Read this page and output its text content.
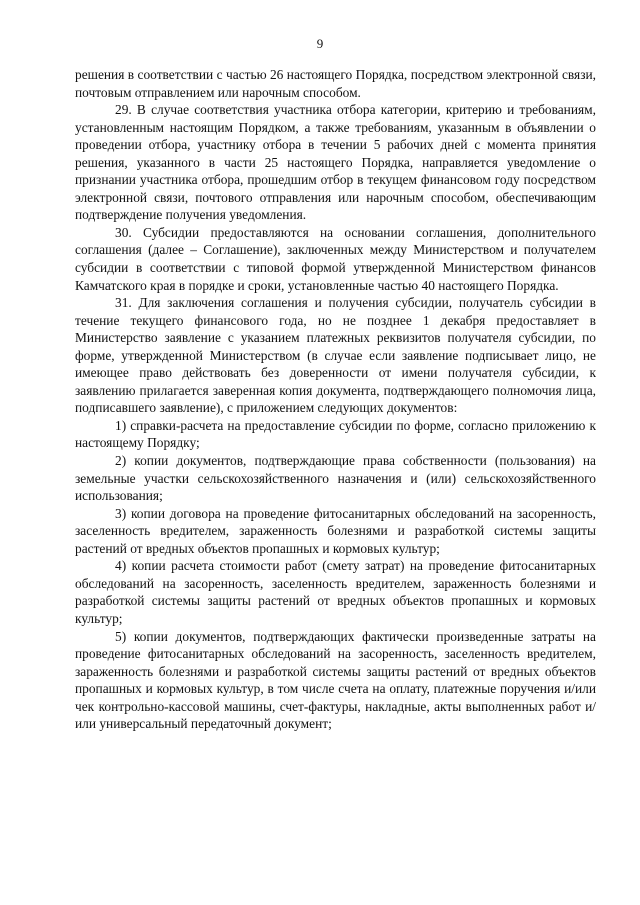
9

решения в соответствии с частью 26 настоящего Порядка, посредством электронной связи, почтовым отправлением или нарочным способом.

29. В случае соответствия участника отбора категории, критерию и требованиям, установленным настоящим Порядком, а также требованиям, указанным в объявлении о проведении отбора, участнику отбора в течении 5 рабочих дней с момента принятия решения, указанного в части 25 настоящего Порядка, направляется уведомление о признании участника отбора, прошедшим отбор в текущем финансовом году посредством электронной связи, почтового отправления или нарочным способом, обеспечивающим подтверждение получения уведомления.

30. Субсидии предоставляются на основании соглашения, дополнительного соглашения (далее – Соглашение), заключенных между Министерством и получателем субсидии в соответствии с типовой формой утвержденной Министерством финансов Камчатского края в порядке и сроки, установленные частью 40 настоящего Порядка.

31. Для заключения соглашения и получения субсидии, получатель субсидии в течение текущего финансового года, но не позднее 1 декабря предоставляет в Министерство заявление с указанием платежных реквизитов получателя субсидии, по форме, утвержденной Министерством (в случае если заявление подписывает лицо, не имеющее право действовать без доверенности от имени получателя субсидии, к заявлению прилагается заверенная копия документа, подтверждающего полномочия лица, подписавшего заявление), с приложением следующих документов:

1) справки-расчета на предоставление субсидии по форме, согласно приложению к настоящему Порядку;

2) копии документов, подтверждающие права собственности (пользования) на земельные участки сельскохозяйственного назначения и (или) сельскохозяйственного использования;

3) копии договора на проведение фитосанитарных обследований на засоренность, заселенность вредителем, зараженность болезнями и разработкой системы защиты растений от вредных объектов пропашных и кормовых культур;

4) копии расчета стоимости работ (смету затрат) на проведение фитосанитарных обследований на засоренность, заселенность вредителем, зараженность болезнями и разработкой системы защиты растений от вредных объектов пропашных и кормовых культур;

5) копии документов, подтверждающих фактически произведенные затраты на проведение фитосанитарных обследований на засоренность, заселенность вредителем, зараженность болезнями и разработкой системы защиты растений от вредных объектов пропашных и кормовых культур, в том числе счета на оплату, платежные поручения и/или чек контрольно-кассовой машины, счет-фактуры, накладные, акты выполненных работ и/или универсальный передаточный документ;
